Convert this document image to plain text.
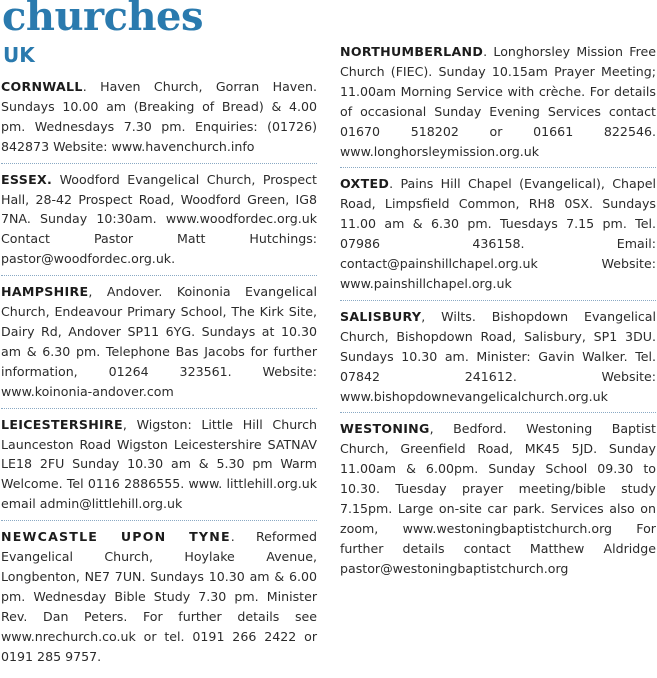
churches
UK
CORNWALL. Haven Church, Gorran Haven. Sundays 10.00 am (Breaking of Bread) & 4.00 pm. Wednesdays 7.30 pm. Enquiries: (01726) 842873 Website: www.havenchurch.info
ESSEX. Woodford Evangelical Church, Prospect Hall, 28-42 Prospect Road, Woodford Green, IG8 7NA. Sunday 10:30am. www.woodfordec.org.uk Contact Pastor Matt Hutchings: pastor@woodfordec.org.uk.
HAMPSHIRE, Andover. Koinonia Evangelical Church, Endeavour Primary School, The Kirk Site, Dairy Rd, Andover SP11 6YG. Sundays at 10.30 am & 6.30 pm. Telephone Bas Jacobs for further information, 01264 323561. Website: www.koinonia-andover.com
LEICESTERSHIRE, Wigston: Little Hill Church Launceston Road Wigston Leicestershire SATNAV LE18 2FU Sunday 10.30 am & 5.30 pm Warm Welcome. Tel 0116 2886555. www. littlehill.org.uk email admin@littlehill.org.uk
NEWCASTLE UPON TYNE. Reformed Evangelical Church, Hoylake Avenue, Longbenton, NE7 7UN. Sundays 10.30 am & 6.00 pm. Wednesday Bible Study 7.30 pm. Minister Rev. Dan Peters. For further details see www.nrechurch.co.uk or tel. 0191 266 2422 or 0191 285 9757.
NORTHUMBERLAND. Longhorsley Mission Free Church (FIEC). Sunday 10.15am Prayer Meeting; 11.00am Morning Service with crèche. For details of occasional Sunday Evening Services contact 01670 518202 or 01661 822546. www.longhorsleymission.org.uk
OXTED. Pains Hill Chapel (Evangelical), Chapel Road, Limpsfield Common, RH8 0SX. Sundays 11.00 am & 6.30 pm. Tuesdays 7.15 pm. Tel. 07986 436158. Email: contact@painshillchapel.org.uk Website: www.painshillchapel.org.uk
SALISBURY, Wilts. Bishopdown Evangelical Church, Bishopdown Road, Salisbury, SP1 3DU. Sundays 10.30 am. Minister: Gavin Walker. Tel. 07842 241612. Website: www.bishopdownevangelicalchurch.org.uk
WESTONING, Bedford. Westoning Baptist Church, Greenfield Road, MK45 5JD. Sunday 11.00am & 6.00pm. Sunday School 09.30 to 10.30. Tuesday prayer meeting/bible study 7.15pm. Large on-site car park. Services also on zoom, www.westoningbaptistchurch.org For further details contact Matthew Aldridge pastor@westoningbaptistchurch.org
